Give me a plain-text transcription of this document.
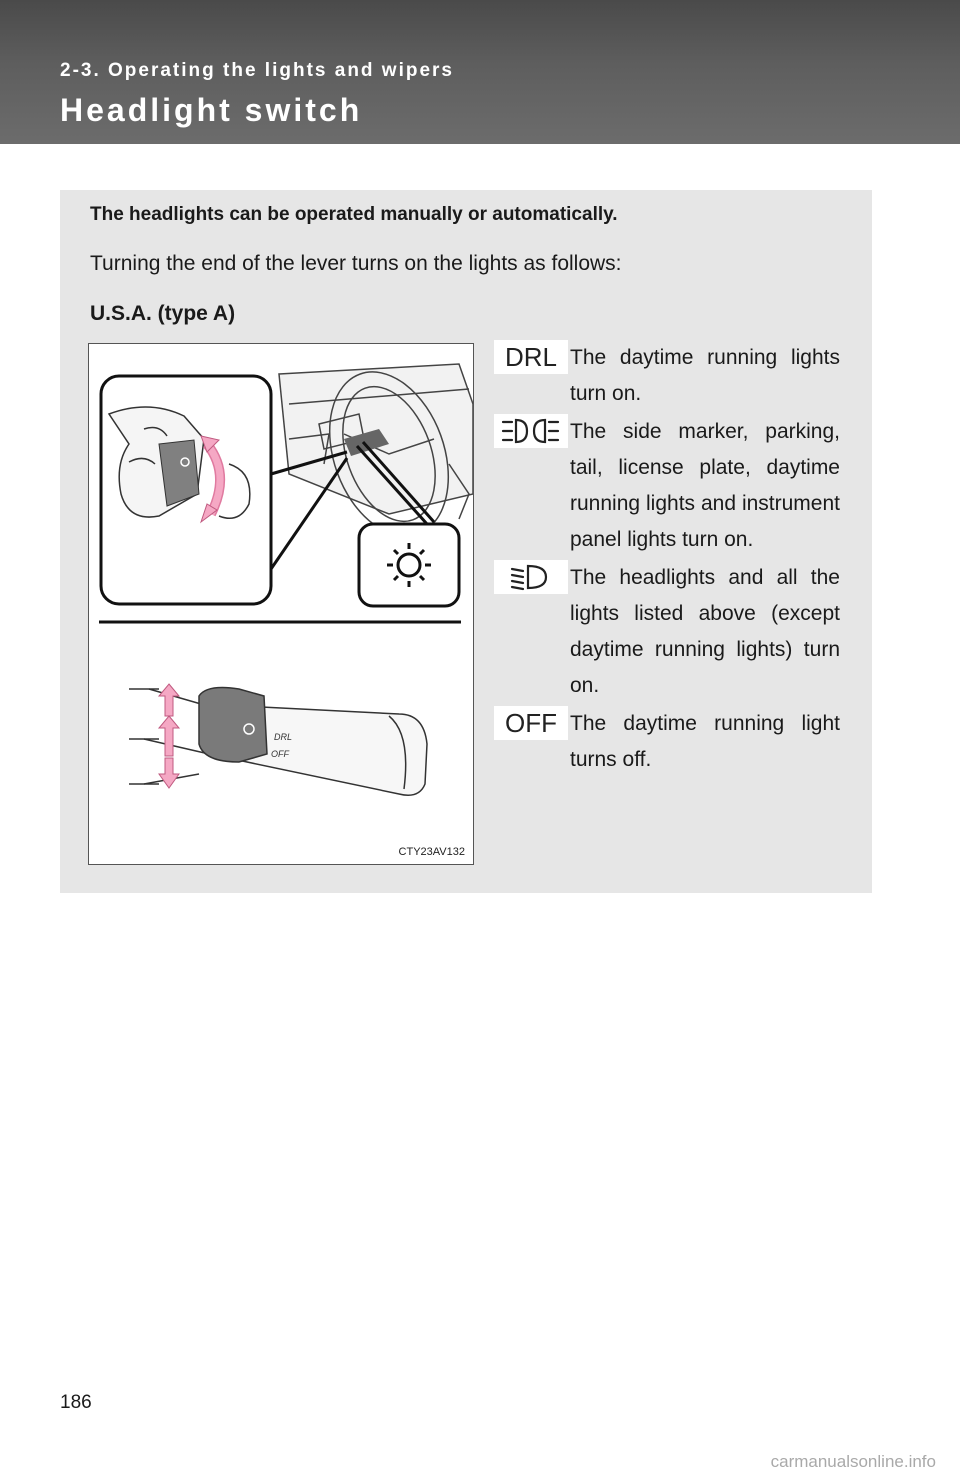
2-3. Operating the lights and wipers
Headlight switch
The headlights can be operated manually or automatically.
Turning the end of the lever turns on the lights as follows:
U.S.A. (type A)
DRL
OFF
CTY23AV132
DRL The daytime running lights turn on.
The side marker, parking, tail, license plate, daytime running lights and instrument panel lights turn on.
The headlights and all the lights listed above (except daytime running lights) turn on.
OFF The daytime running light turns off.
186
carmanualsonline.info
